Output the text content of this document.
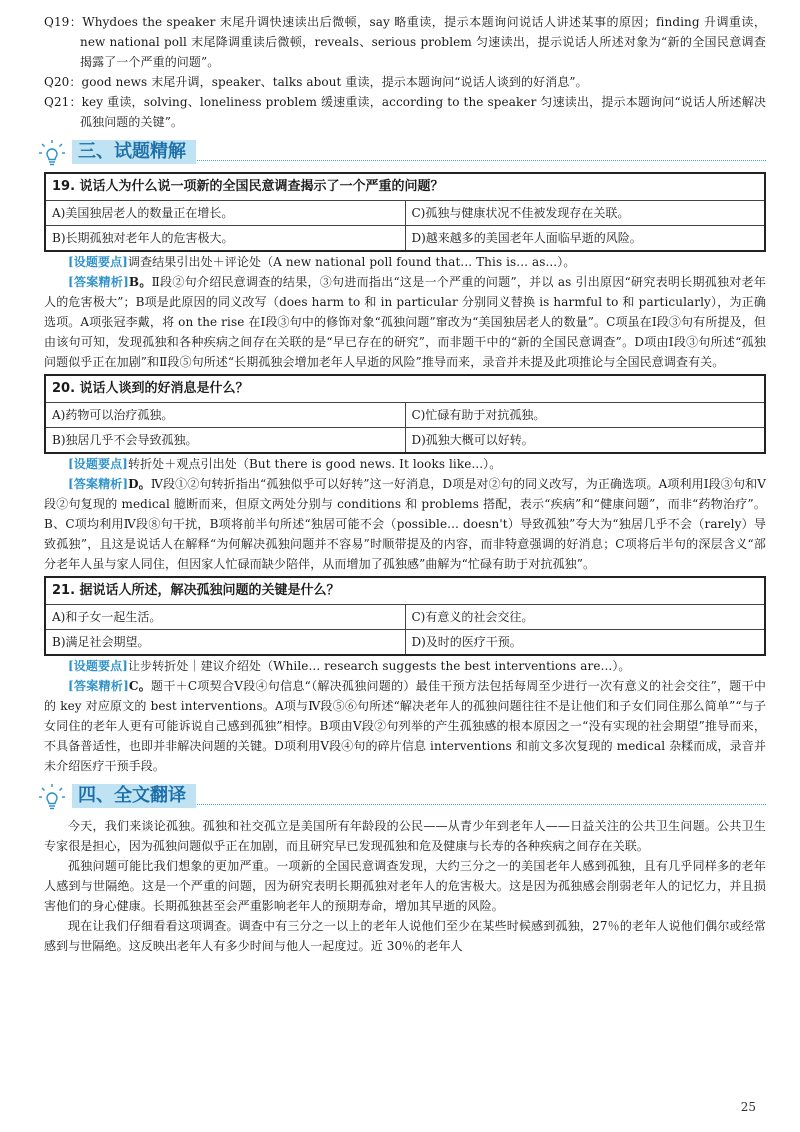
Q19：Whydoes the speaker 末尾升调快速读出后微顿，say 略重读，提示本题询问说话人讲述某事的原因；finding 升调重读，new national poll 末尾降调重读后微顿，reveals、serious problem 匀速读出，提示说话人所述对象为“新的全国民意调查揭露了一个严重的问题”。

Q20：good news 末尾升调，speaker、talks about 重读，提示本题询问“说话人谈到的好消息”。

Q21：key 重读，solving、loneliness problem 缓速重读，according to the speaker 匀速读出，提示本题询问“说话人所述解决孤独问题的关键”。

三、试题精解
19. 说话人为什么说一项新的全国民意调查揭示了一个严重的问题？
A)美国独居老人的数量正在增长。	C)孤独与健康状况不佳被发现存在关联。
B)长期孤独对老年人的危害极大。	D)越来越多的美国老年人面临早逝的风险。

[设题要点]调查结果引出处＋评论处（A new national poll found that... This is... as...）。

[答案精析]B。Ⅱ段②句介绍民意调查的结果，③句进而指出“这是一个严重的问题”，并以 as 引出原因“研究表明长期孤独对老年人的危害极大”；B项是此原因的同义改写（does harm to 和 in particular 分别同义替换 is harmful to 和 particularly），为正确选项。A项张冠李戴，将 on the rise 在Ⅰ段③句中的修饰对象“孤独问题”窜改为“美国独居老人的数量”。C项虽在Ⅰ段③句有所提及，但由该句可知，发现孤独和各种疾病之间存在关联的是“早已存在的研究”，而非题干中的“新的全国民意调查”。D项由Ⅰ段③句所述“孤独问题似乎正在加剧”和Ⅱ段⑤句所述“长期孤独会增加老年人早逝的风险”推导而来，录音并未提及此项推论与全国民意调查有关。

20. 说话人谈到的好消息是什么？
A)药物可以治疗孤独。	C)忙碌有助于对抗孤独。
B)独居几乎不会导致孤独。	D)孤独大概可以好转。

[设题要点]转折处＋观点引出处（But there is good news. It looks like...）。

[答案精析]D。Ⅳ段①②句转折指出“孤独似乎可以好转”这一好消息，D项是对②句的同义改写，为正确选项。A项利用Ⅰ段③句和Ⅴ段②句复现的 medical 臆断而来，但原文两处分别与 conditions 和 problems 搭配，表示“疾病”和“健康问题”，而非“药物治疗”。B、C项均利用Ⅳ段⑧句干扰，B项将前半句所述“独居可能不会（possible... doesn't）导致孤独”夸大为“独居几乎不会（rarely）导致孤独”，且这是说话人在解释“为何解决孤独问题并不容易”时顺带提及的内容，而非特意强调的好消息；C项将后半句的深层含义“部分老年人虽与家人同住，但因家人忙碌而缺少陪伴，从而增加了孤独感”曲解为“忙碌有助于对抗孤独”。

21. 据说话人所述，解决孤独问题的关键是什么？
A)和子女一起生活。	C)有意义的社会交往。
B)满足社会期望。	D)及时的医疗干预。

[设题要点]让步转折处｜建议介绍处（While... research suggests the best interventions are...）。

[答案精析]C。题干＋C项契合Ⅴ段④句信息“（解决孤独问题的）最佳干预方法包括每周至少进行一次有意义的社会交往”，题干中的 key 对应原文的 best interventions。A项与Ⅳ段⑤⑥句所述“解决老年人的孤独问题往往不是让他们和子女们同住那么简单”“与子女同住的老年人更有可能诉说自己感到孤独”相悖。B项由Ⅴ段②句列举的产生孤独感的根本原因之一“没有实现的社会期望”推导而来，不具备普适性，也即并非解决问题的关键。D项利用Ⅴ段④句的碎片信息 interventions 和前文多次复现的 medical 杂糅而成，录音并未介绍医疗干预手段。

四、全文翻译

今天，我们来谈论孤独。孤独和社交孤立是美国所有年龄段的公民——从青少年到老年人——日益关注的公共卫生问题。公共卫生专家很是担心，因为孤独问题似乎正在加剧，而且研究早已发现孤独和危及健康与长寿的各种疾病之间存在关联。

孤独问题可能比我们想象的更加严重。一项新的全国民意调查发现，大约三分之一的美国老年人感到孤独，且有几乎同样多的老年人感到与世隔绝。这是一个严重的问题，因为研究表明长期孤独对老年人的危害极大。这是因为孤独感会削弱老年人的记忆力，并且损害他们的身心健康。长期孤独甚至会严重影响老年人的预期寿命，增加其早逝的风险。

现在让我们仔细看看这项调查。调查中有三分之一以上的老年人说他们至少在某些时候感到孤独，27％的老年人说他们偶尔或经常感到与世隔绝。这反映出老年人有多少时间与他人一起度过。近 30％的老年人

25
